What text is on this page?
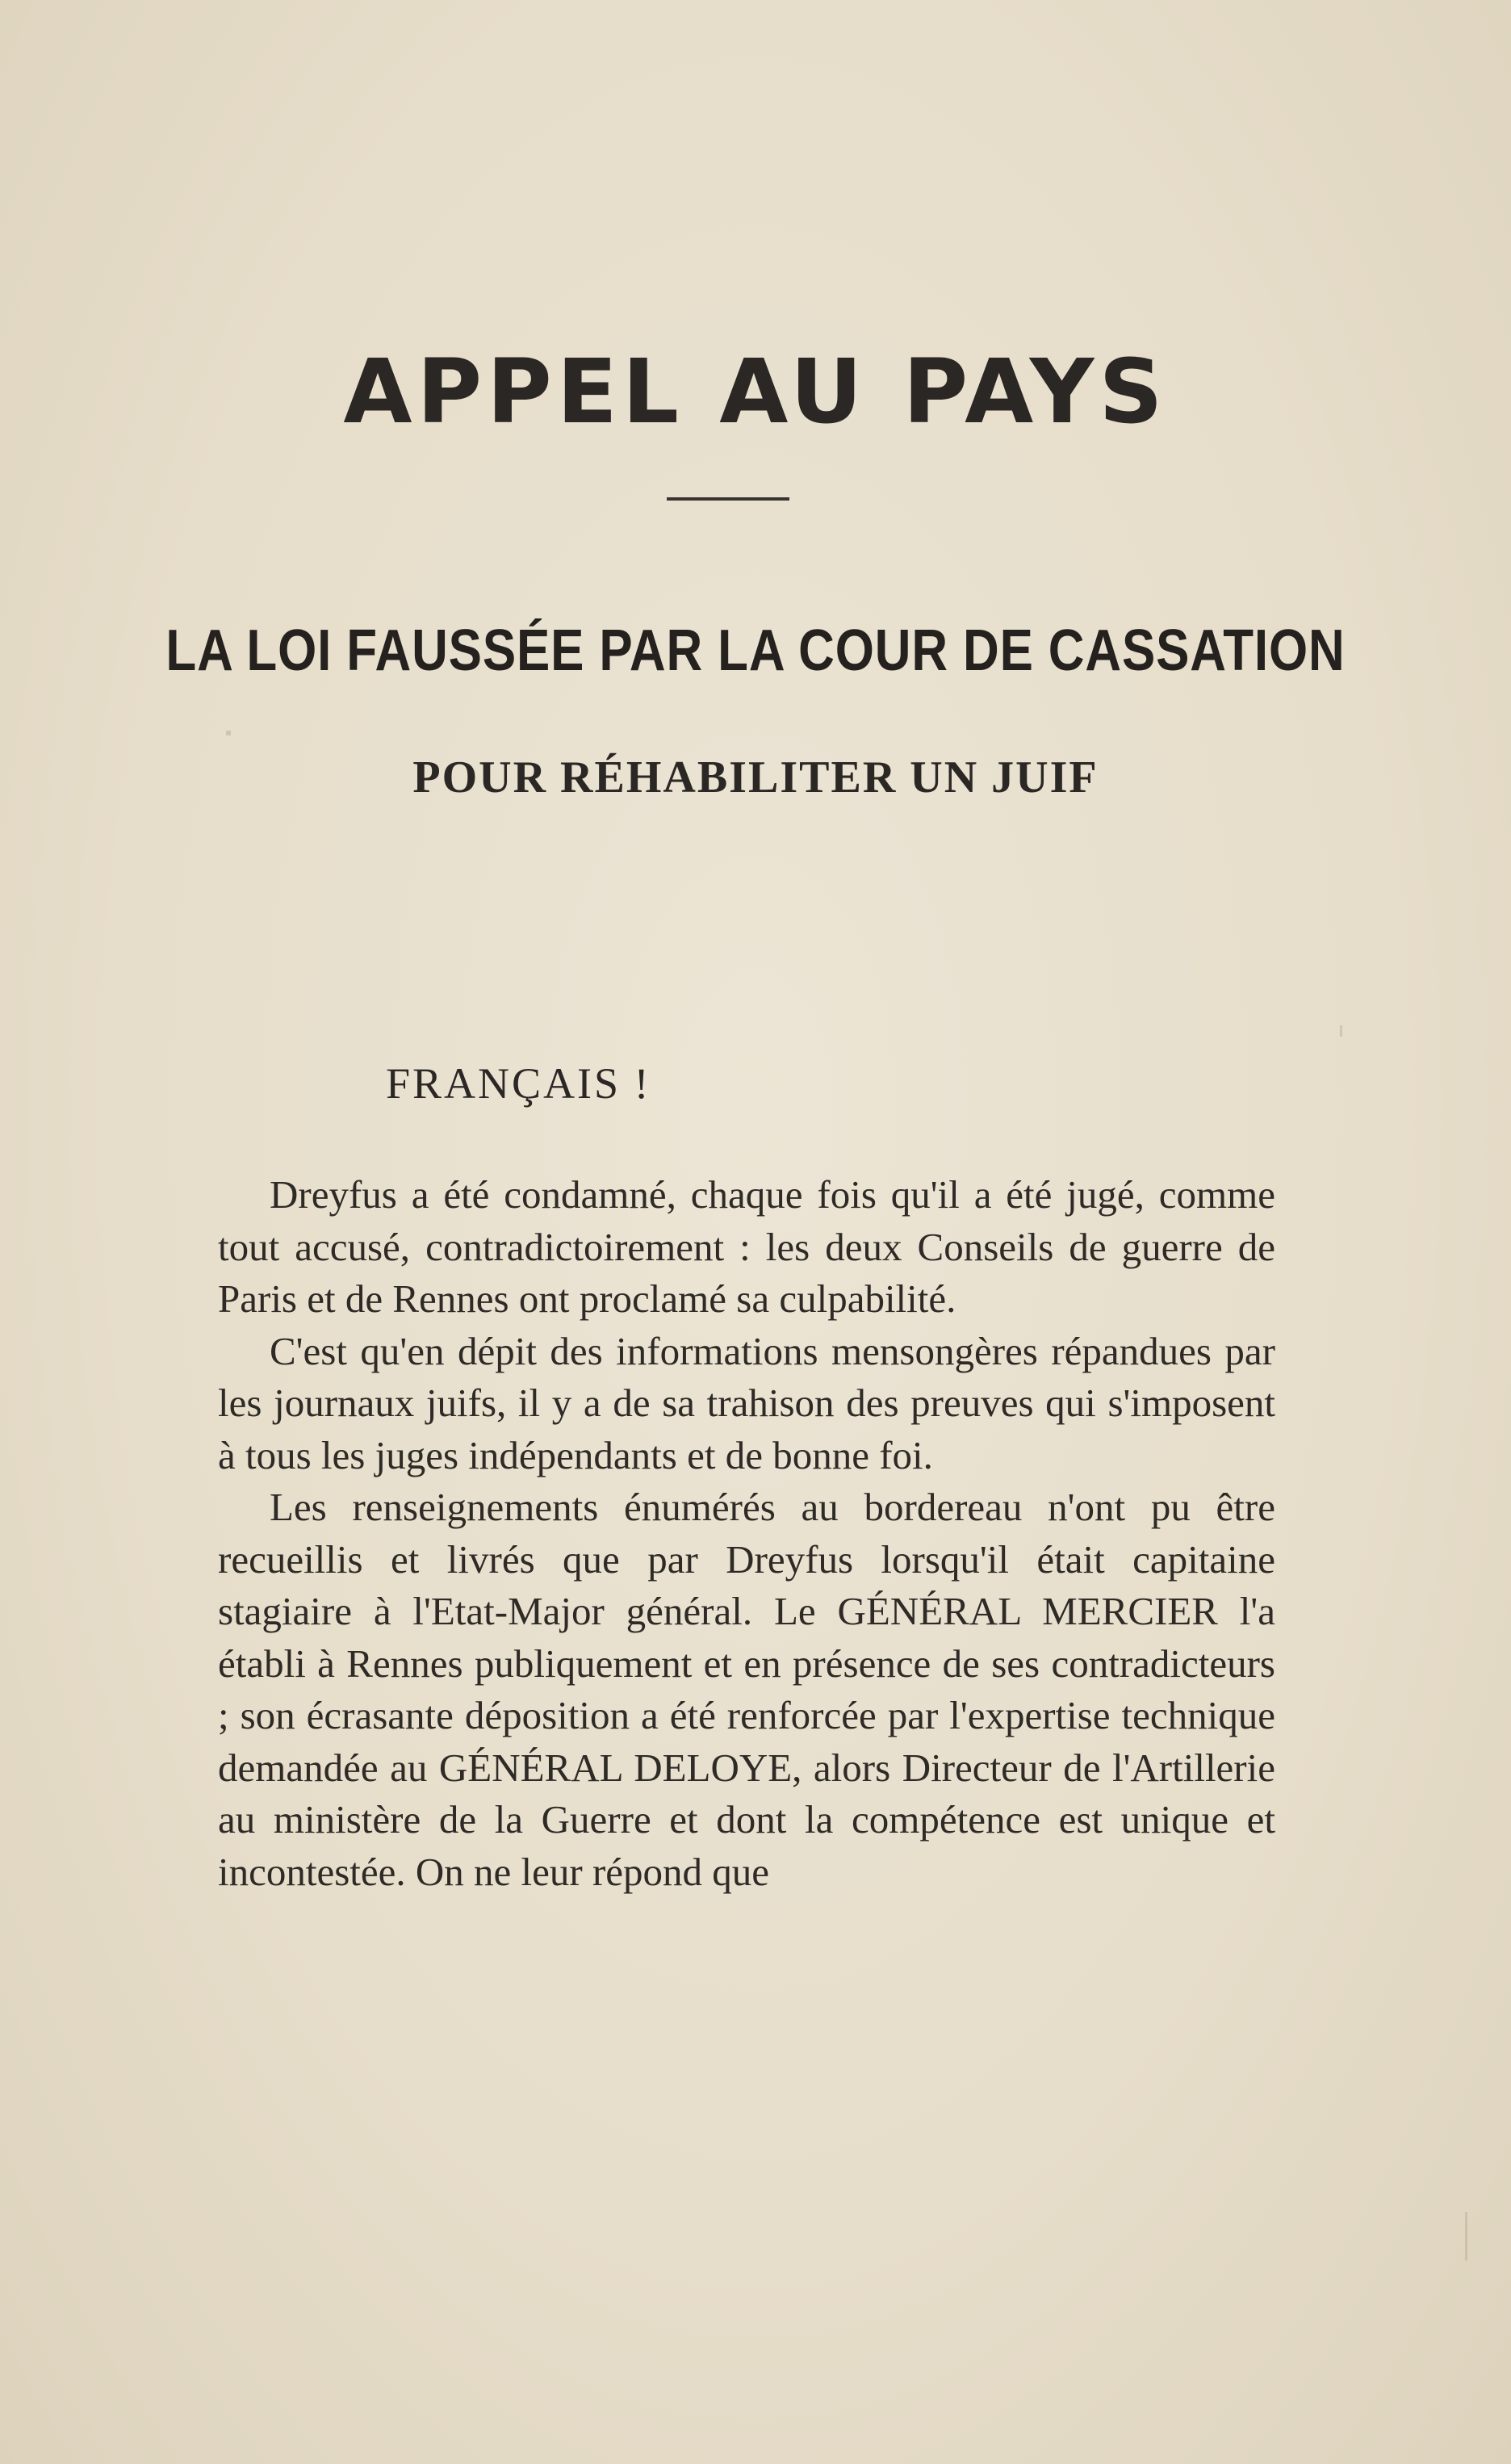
APPEL AU PAYS
LA LOI FAUSSÉE PAR LA COUR DE CASSATION
POUR RÉHABILITER UN JUIF
FRANÇAIS !

Dreyfus a été condamné, chaque fois qu'il a été jugé, comme tout accusé, contradictoirement : les deux Conseils de guerre de Paris et de Rennes ont proclamé sa culpabilité.

C'est qu'en dépit des informations mensongères répandues par les journaux juifs, il y a de sa trahison des preuves qui s'imposent à tous les juges indépendants et de bonne foi.

Les renseignements énumérés au bordereau n'ont pu être recueillis et livrés que par Dreyfus lorsqu'il était capitaine stagiaire à l'Etat-Major général. Le GÉNÉRAL MERCIER l'a établi à Rennes publiquement et en présence de ses contradicteurs ; son écrasante déposition a été renforcée par l'expertise technique demandée au GÉNÉRAL DELOYE, alors Directeur de l'Artillerie au ministère de la Guerre et dont la compétence est unique et incontestée. On ne leur répond que
